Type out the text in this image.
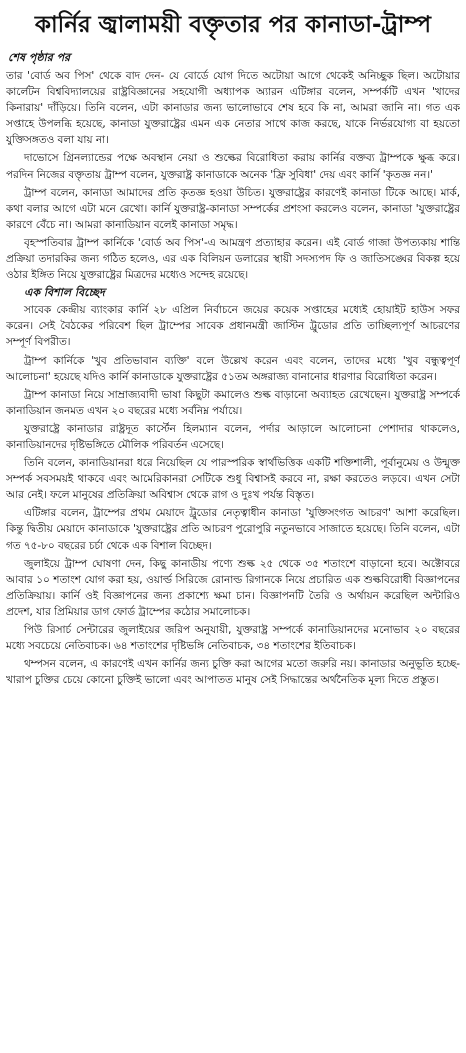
কার্নির জ্বালাময়ী বক্তৃতার পর কানাডা-ট্রাম্প
শেষ পৃষ্ঠার পর

তার 'বোর্ড অব পিস' থেকে বাদ দেন- যে বোর্ডে যোগ দিতে অটোয়া আগে থেকেই অনিচ্ছুক ছিল। অটোয়ার কার্লেটন বিশ্ববিদ্যালয়ের রাষ্ট্রবিজ্ঞানের সহযোগী অধ্যাপক অ্যারন এটিঙ্গার বলেন, সম্পর্কটি এখন 'খাদের কিনারায়' দাঁড়িয়ে। তিনি বলেন, এটা কানাডার জন্য ভালোভাবে শেষ হবে কি না, আমরা জানি না। গত এক সপ্তাহে উপলব্ধি হয়েছে, কানাডা যুক্তরাষ্ট্রের এমন এক নেতার সাথে কাজ করছে, যাকে নির্ভরযোগ্য বা হয়তো যুক্তিসঙ্গতও বলা যায় না।

দাভোসে গ্রিনল্যান্ডের পক্ষে অবস্থান নেয়া ও শুল্কের বিরোধিতা করায় কার্নির বক্তব্য ট্রাম্পকে ক্ষুব্ধ করে। পরদিন নিজের বক্তৃতায় ট্রাম্প বলেন, যুক্তরাষ্ট্র কানাডাকে অনেক 'ফ্রি সুবিধা' দেয় এবং কার্নি 'কৃতজ্ঞ নন।'

ট্রাম্প বলেন, কানাডা আমাদের প্রতি কৃতজ্ঞ হওয়া উচিত। যুক্তরাষ্ট্রের কারণেই কানাডা টিকে আছে। মার্ক, কথা বলার আগে এটা মনে রেখো। কার্নি যুক্তরাষ্ট্র-কানাডা সম্পর্কের প্রশংসা করলেও বলেন, কানাডা 'যুক্তরাষ্ট্রের কারণে বেঁচে না। আমরা কানাডিয়ান বলেই কানাডা সমৃদ্ধ।

বৃহস্পতিবার ট্রাম্প কার্নিকে 'বোর্ড অব পিস'-এ আমন্ত্রণ প্রত্যাহার করেন। এই বোর্ড গাজা উপত্যকায় শান্তি প্রক্রিয়া তদারকির জন্য গঠিত হলেও, এর এক বিলিয়ন ডলারের স্থায়ী সদস্যপদ ফি ও জাতিসঙ্ঘের বিকল্প হয়ে ওঠার ইঙ্গিত নিয়ে যুক্তরাষ্ট্রের মিত্রদের মধ্যেও সন্দেহ রয়েছে।

এক বিশাল বিচ্ছেদ

সাবেক কেন্দ্রীয় ব্যাংকার কার্নি ২৮ এপ্রিল নির্বাচনে জয়ের কয়েক সপ্তাহের মধ্যেই হোয়াইট হাউস সফর করেন। সেই বৈঠকের পরিবেশ ছিল ট্রাম্পের সাবেক প্রধানমন্ত্রী জাস্টিন ট্রুডোর প্রতি তাচ্ছিল্যপূর্ণ আচরণের সম্পূর্ণ বিপরীত।

ট্রাম্প কার্নিকে 'খুব প্রতিভাবান ব্যক্তি' বলে উল্লেখ করেন এবং বলেন, তাদের মধ্যে 'খুব বন্ধুত্বপূর্ণ আলোচনা' হয়েছে যদিও কার্নি কানাডাকে যুক্তরাষ্ট্রের ৫১তম অঙ্গরাজ্য বানানোর ধারণার বিরোধিতা করেন।

ট্রাম্প কানাডা নিয়ে সাম্রাজ্যবাদী ভাষা কিছুটা কমালেও শুল্ক বাড়ানো অব্যাহত রেখেছেন। যুক্তরাষ্ট্র সম্পর্কে কানাডিয়ান জনমত এখন ২০ বছরের মধ্যে সর্বনিম্ন পর্যায়ে।

যুক্তরাষ্ট্রে কানাডার রাষ্ট্রদূত কার্স্টেন হিলম্যান বলেন, পর্দার আড়ালে আলোচনা পেশাদার থাকলেও, কানাডিয়ানদের দৃষ্টিভঙ্গিতে মৌলিক পরিবর্তন এসেছে।

তিনি বলেন, কানাডিয়ানরা ধরে নিয়েছিল যে পারস্পরিক স্বার্থভিত্তিক একটি শক্তিশালী, পূর্বানুমেয় ও উন্মুক্ত সম্পর্ক সবসময়ই থাকবে এবং আমেরিকানরা সেটিকে শুধু বিশ্বাসই করবে না, রক্ষা করতেও লড়বে। এখন সেটা আর নেই। ফলে মানুষের প্রতিক্রিয়া অবিশ্বাস থেকে রাগ ও দুঃখ পর্যন্ত বিস্তৃত।

এটিঙ্গার বলেন, ট্রাম্পের প্রথম মেয়াদে ট্রুডোর নেতৃত্বাধীন কানাডা 'যুক্তিসংগত আচরণ' আশা করেছিল। কিন্তু দ্বিতীয় মেয়াদে কানাডাকে 'যুক্তরাষ্ট্রের প্রতি আচরণ পুরোপুরি নতুনভাবে সাজাতে হয়েছে। তিনি বলেন, এটা গত ৭৫-৮০ বছরের চর্চা থেকে এক বিশাল বিচ্ছেদ।

জুলাইয়ে ট্রাম্প ঘোষণা দেন, কিছু কানাডীয় পণ্যে শুল্ক ২৫ থেকে ৩৫ শতাংশে বাড়ানো হবে। অক্টোবরে আবার ১০ শতাংশ যোগ করা হয়, ওয়ার্ল্ড সিরিজে রোনাল্ড রিগানকে নিয়ে প্রচারিত এক শুল্কবিরোধী বিজ্ঞাপনের প্রতিক্রিয়ায়। কার্নি ওই বিজ্ঞাপনের জন্য প্রকাশ্যে ক্ষমা চান। বিজ্ঞাপনটি তৈরি ও অর্থায়ন করেছিল অন্টারিও প্রদেশ, যার প্রিমিয়ার ডাগ ফোর্ড ট্রাম্পের কঠোর সমালোচক।

পিউ রিসার্চ সেন্টারের জুলাইয়ের জরিপ অনুযায়ী, যুক্তরাষ্ট্র সম্পর্কে কানাডিয়ানদের মনোভাব ২০ বছরের মধ্যে সবচেয়ে নেতিবাচক। ৬৪ শতাংশের দৃষ্টিভঙ্গি নেতিবাচক, ৩৪ শতাংশের ইতিবাচক।

থম্পসন বলেন, এ কারণেই এখন কার্নির জন্য চুক্তি করা আগের মতো জরুরি নয়। কানাডার অনুভূতি হচ্ছে- খারাপ চুক্তির চেয়ে কোনো চুক্তিই ভালো এবং আপাতত মানুষ সেই সিদ্ধান্তের অর্থনৈতিক মূল্য দিতে প্রস্তুত।
